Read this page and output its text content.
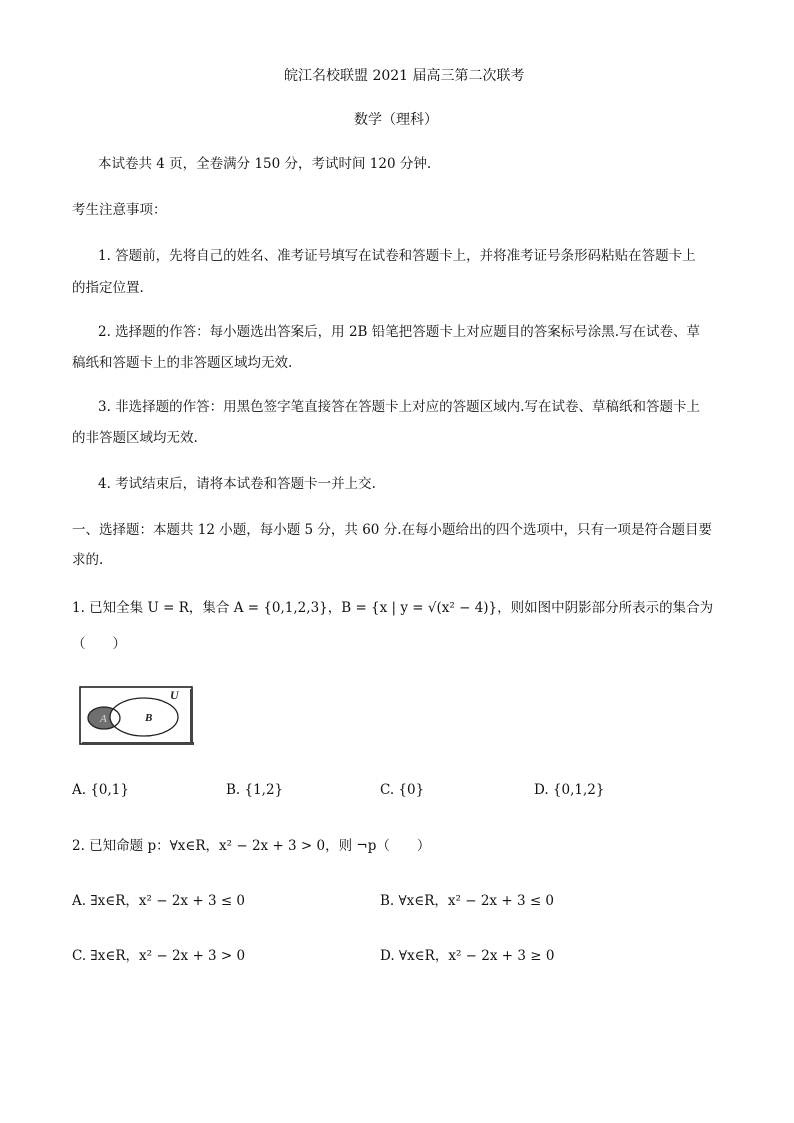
皖江名校联盟 2021 届高三第二次联考
数学（理科）
本试卷共 4 页，全卷满分 150 分，考试时间 120 分钟.
考生注意事项：
1. 答题前，先将自己的姓名、准考证号填写在试卷和答题卡上，并将准考证号条形码粘贴在答题卡上
的指定位置.
2. 选择题的作答：每小题选出答案后，用 2B 铅笔把答题卡上对应题目的答案标号涂黑.写在试卷、草
稿纸和答题卡上的非答题区域均无效.
3. 非选择题的作答：用黑色签字笔直接答在答题卡上对应的答题区域内.写在试卷、草稿纸和答题卡上
的非答题区域均无效.
4. 考试结束后，请将本试卷和答题卡一并上交.
一、选择题：本题共 12 小题，每小题 5 分，共 60 分.在每小题给出的四个选项中，只有一项是符合题目要
求的.
1. 已知全集 U = R，集合 A = {0,1,2,3}，B = {x | y = √(x² − 4)}，则如图中阴影部分所表示的集合为
（　　）
U
A	B
A. {0,1}	B. {1,2}	C. {0}	D. {0,1,2}
2. 已知命题 p：∀x∈R，x² − 2x + 3 > 0，则 ¬p（　　）
A. ∃x∈R，x² − 2x + 3 ≤ 0	B. ∀x∈R，x² − 2x + 3 ≤ 0
C. ∃x∈R，x² − 2x + 3 > 0	D. ∀x∈R，x² − 2x + 3 ≥ 0
